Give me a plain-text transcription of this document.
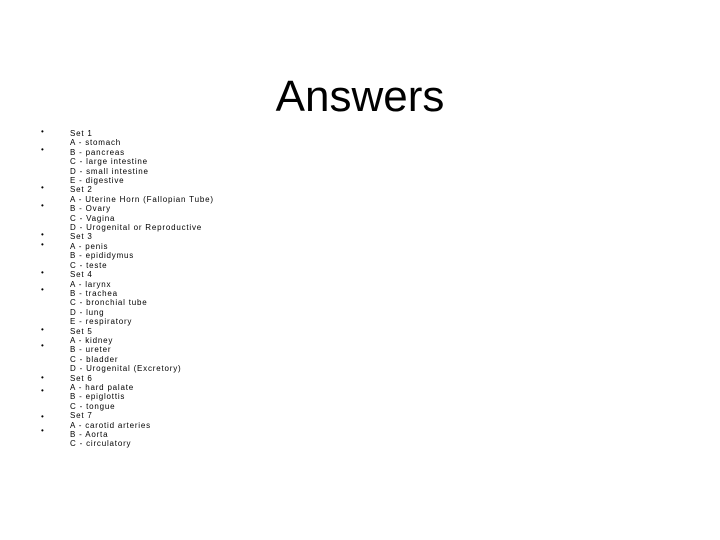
Answers
•
•
•
•
•
•
•
•
•
•
•
•
•
•
Set 1
A - stomach
B - pancreas
C - large intestine
D - small intestine
E - digestive
Set 2
A - Uterine Horn (Fallopian Tube)
B - Ovary
C - Vagina
D - Urogenital or Reproductive
Set 3
A - penis
B - epididymus
C - teste
Set 4
A - larynx
B - trachea
C - bronchial tube
D - lung
E - respiratory
Set 5
A - kidney
B - ureter
C - bladder
D - Urogenital (Excretory)
Set 6
A - hard palate
B - epiglottis
C - tongue
Set 7
A - carotid arteries
B - Aorta
C - circulatory
